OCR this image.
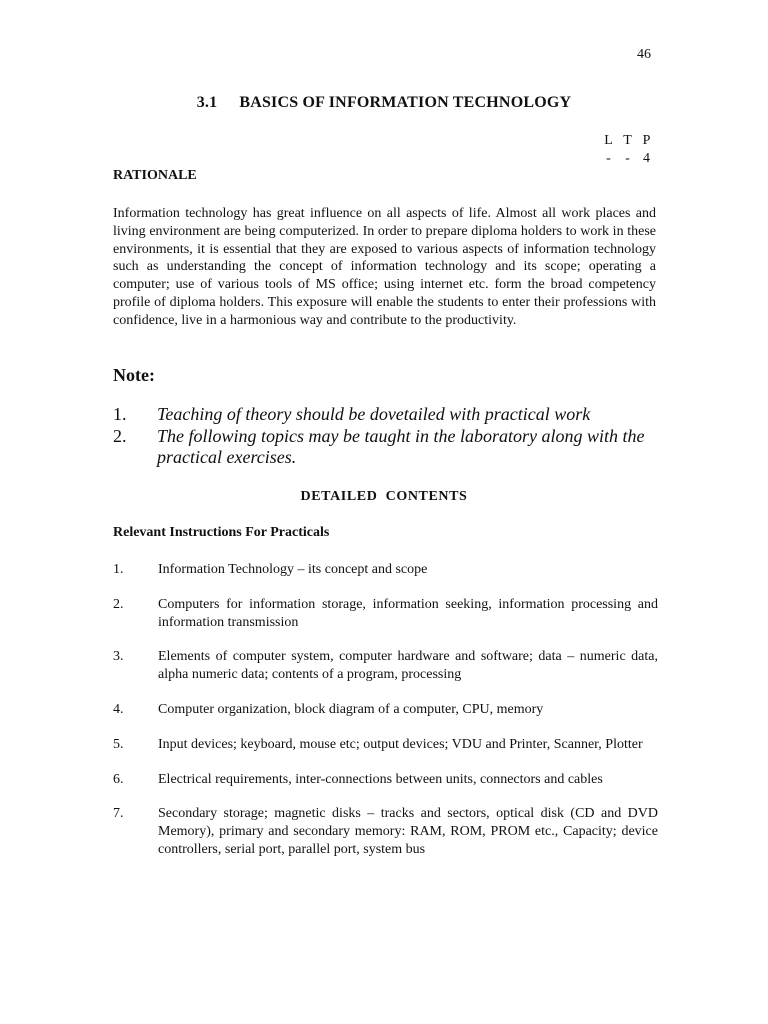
46
3.1 BASICS OF INFORMATION TECHNOLOGY
L T P
- - 4
RATIONALE

Information technology has great influence on all aspects of life. Almost all work places and living environment are being computerized. In order to prepare diploma holders to work in these environments, it is essential that they are exposed to various aspects of information technology such as understanding the concept of information technology and its scope; operating a computer; use of various tools of MS office; using internet etc. form the broad competency profile of diploma holders. This exposure will enable the students to enter their professions with confidence, live in a harmonious way and contribute to the productivity.

Note:
1.	Teaching of theory should be dovetailed with practical work
2.	The following topics may be taught in the laboratory along with the practical exercises.
DETAILED  CONTENTS
Relevant Instructions For Practicals
1.	Information Technology – its concept and scope
2.	Computers for information storage, information seeking, information processing and information transmission
3.	Elements of computer system, computer hardware and software; data – numeric data, alpha numeric data; contents of a program, processing
4.	Computer organization, block diagram of a computer, CPU, memory
5.	Input devices; keyboard, mouse etc; output devices; VDU and Printer, Scanner, Plotter
6.	Electrical requirements, inter-connections between units, connectors and cables
7.	Secondary storage; magnetic disks – tracks and sectors, optical disk (CD and DVD Memory), primary and secondary memory: RAM, ROM, PROM etc., Capacity; device controllers, serial port, parallel port, system bus
